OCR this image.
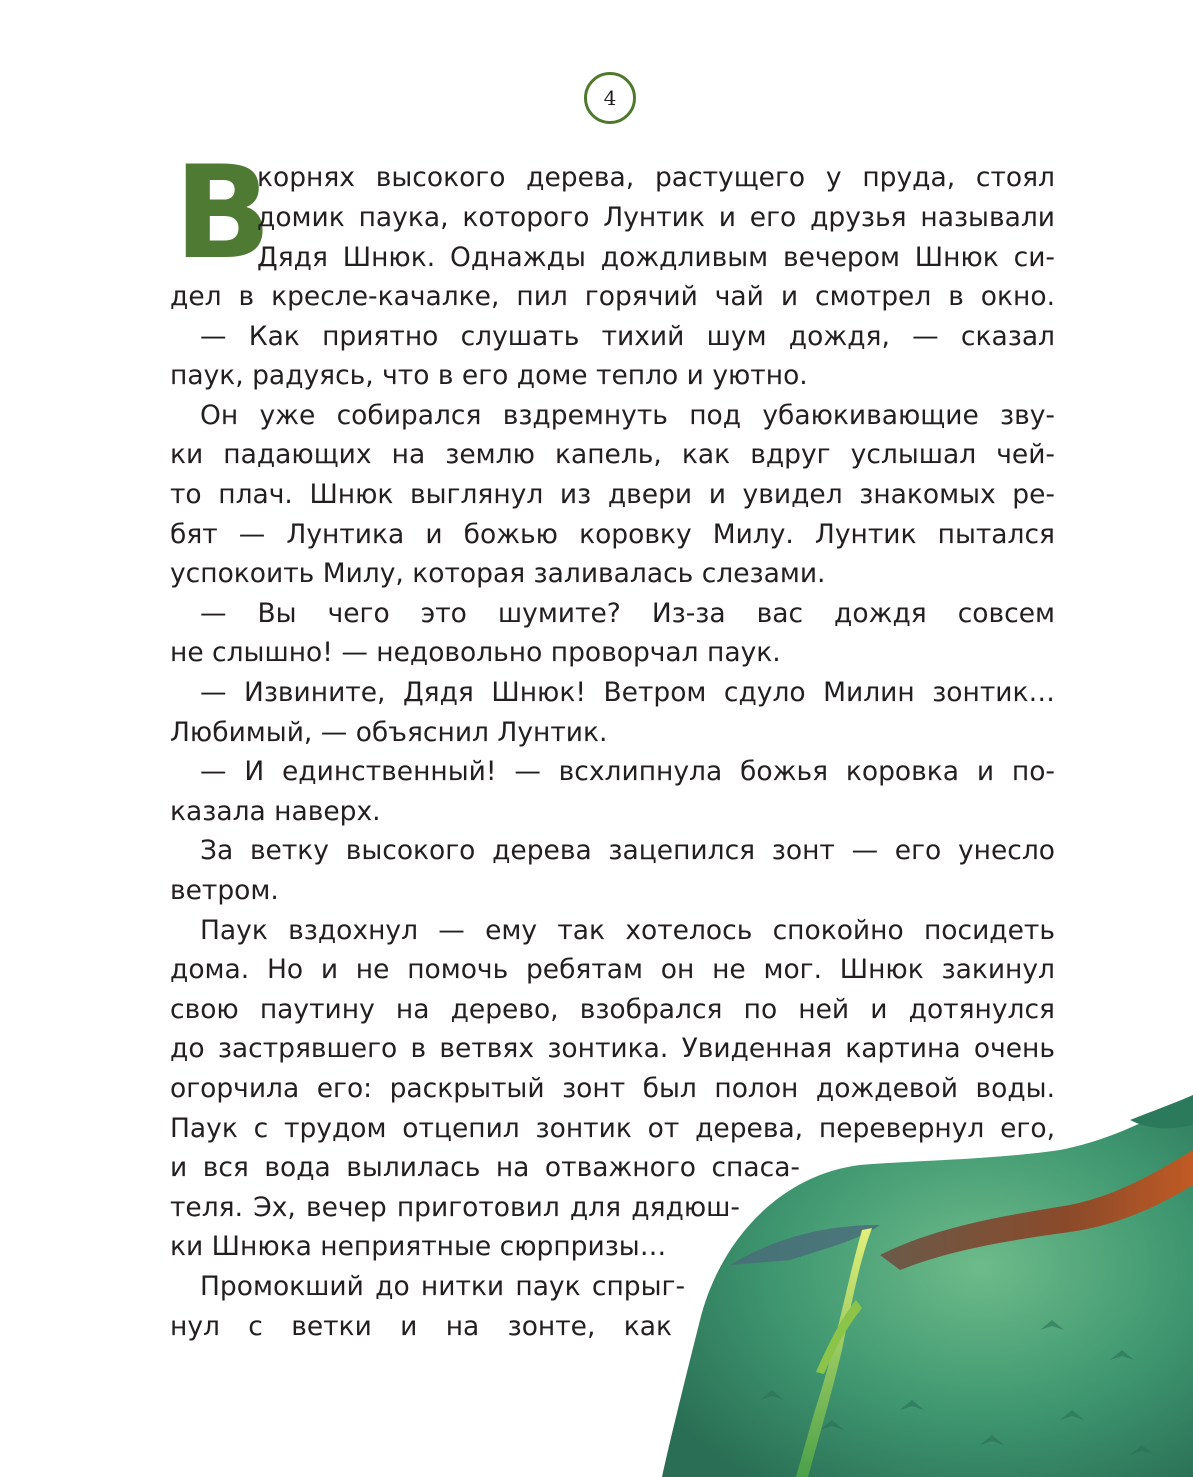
4
В
корнях высокого дерева, растущего у пруда, стоял
домик паука, которого Лунтик и его друзья называли
Дядя Шнюк. Однажды дождливым вечером Шнюк си-
дел в кресле-качалке, пил горячий чай и смотрел в окно.
— Как приятно слушать тихий шум дождя, — сказал
паук, радуясь, что в его доме тепло и уютно.
Он уже собирался вздремнуть под убаюкивающие зву-
ки падающих на землю капель, как вдруг услышал чей-
то плач. Шнюк выглянул из двери и увидел знакомых ре-
бят — Лунтика и божью коровку Милу. Лунтик пытался
успокоить Милу, которая заливалась слезами.
— Вы чего это шумите? Из-за вас дождя совсем
не слышно! — недовольно проворчал паук.
— Извините, Дядя Шнюк! Ветром сдуло Милин зонтик…
Любимый, — объяснил Лунтик.
— И единственный! — всхлипнула божья коровка и по-
казала наверх.
За ветку высокого дерева зацепился зонт — его унесло
ветром.
Паук вздохнул — ему так хотелось спокойно посидеть
дома. Но и не помочь ребятам он не мог. Шнюк закинул
свою паутину на дерево, взобрался по ней и дотянулся
до застрявшего в ветвях зонтика. Увиденная картина очень
огорчила его: раскрытый зонт был полон дождевой воды.
Паук с трудом отцепил зонтик от дерева, перевернул его,
и вся вода вылилась на отважного спаса-
теля. Эх, вечер приготовил для дядюш-
ки Шнюка неприятные сюрпризы…
Промокший до нитки паук спрыг-
нул с ветки и на зонте, как
